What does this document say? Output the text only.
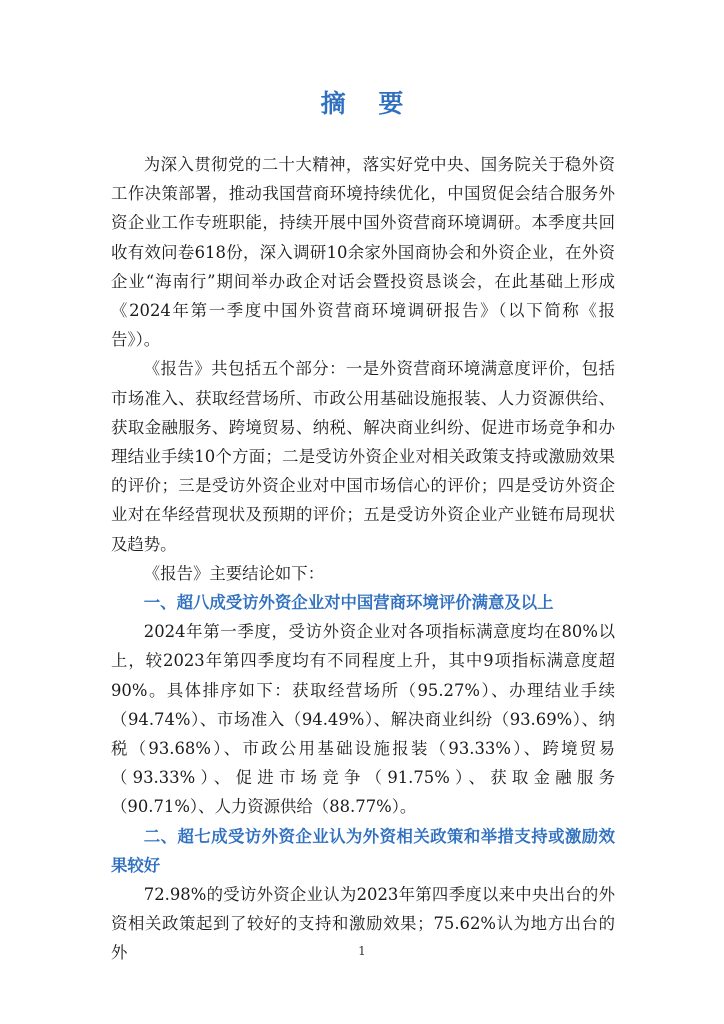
摘 要

为深入贯彻党的二十大精神，落实好党中央、国务院关于稳外资工作决策部署，推动我国营商环境持续优化，中国贸促会结合服务外资企业工作专班职能，持续开展中国外资营商环境调研。本季度共回收有效问卷618份，深入调研10余家外国商协会和外资企业，在外资企业“海南行”期间举办政企对话会暨投资恳谈会，在此基础上形成《2024年第一季度中国外资营商环境调研报告》（以下简称《报告》）。

《报告》共包括五个部分：一是外资营商环境满意度评价，包括市场准入、获取经营场所、市政公用基础设施报装、人力资源供给、获取金融服务、跨境贸易、纳税、解决商业纠纷、促进市场竞争和办理结业手续10个方面；二是受访外资企业对相关政策支持或激励效果的评价；三是受访外资企业对中国市场信心的评价；四是受访外资企业对在华经营现状及预期的评价；五是受访外资企业产业链布局现状及趋势。

《报告》主要结论如下：

一、超八成受访外资企业对中国营商环境评价满意及以上

2024年第一季度，受访外资企业对各项指标满意度均在80%以上，较2023年第四季度均有不同程度上升，其中9项指标满意度超90%。具体排序如下：获取经营场所（95.27%）、办理结业手续（94.74%）、市场准入（94.49%）、解决商业纠纷（93.69%）、纳税（93.68%）、市政公用基础设施报装（93.33%）、跨境贸易（93.33%）、促进市场竞争（91.75%）、获取金融服务（90.71%）、人力资源供给（88.77%）。

二、超七成受访外资企业认为外资相关政策和举措支持或激励效果较好

72.98%的受访外资企业认为2023年第四季度以来中央出台的外资相关政策起到了较好的支持和激励效果；75.62%认为地方出台的外	1
